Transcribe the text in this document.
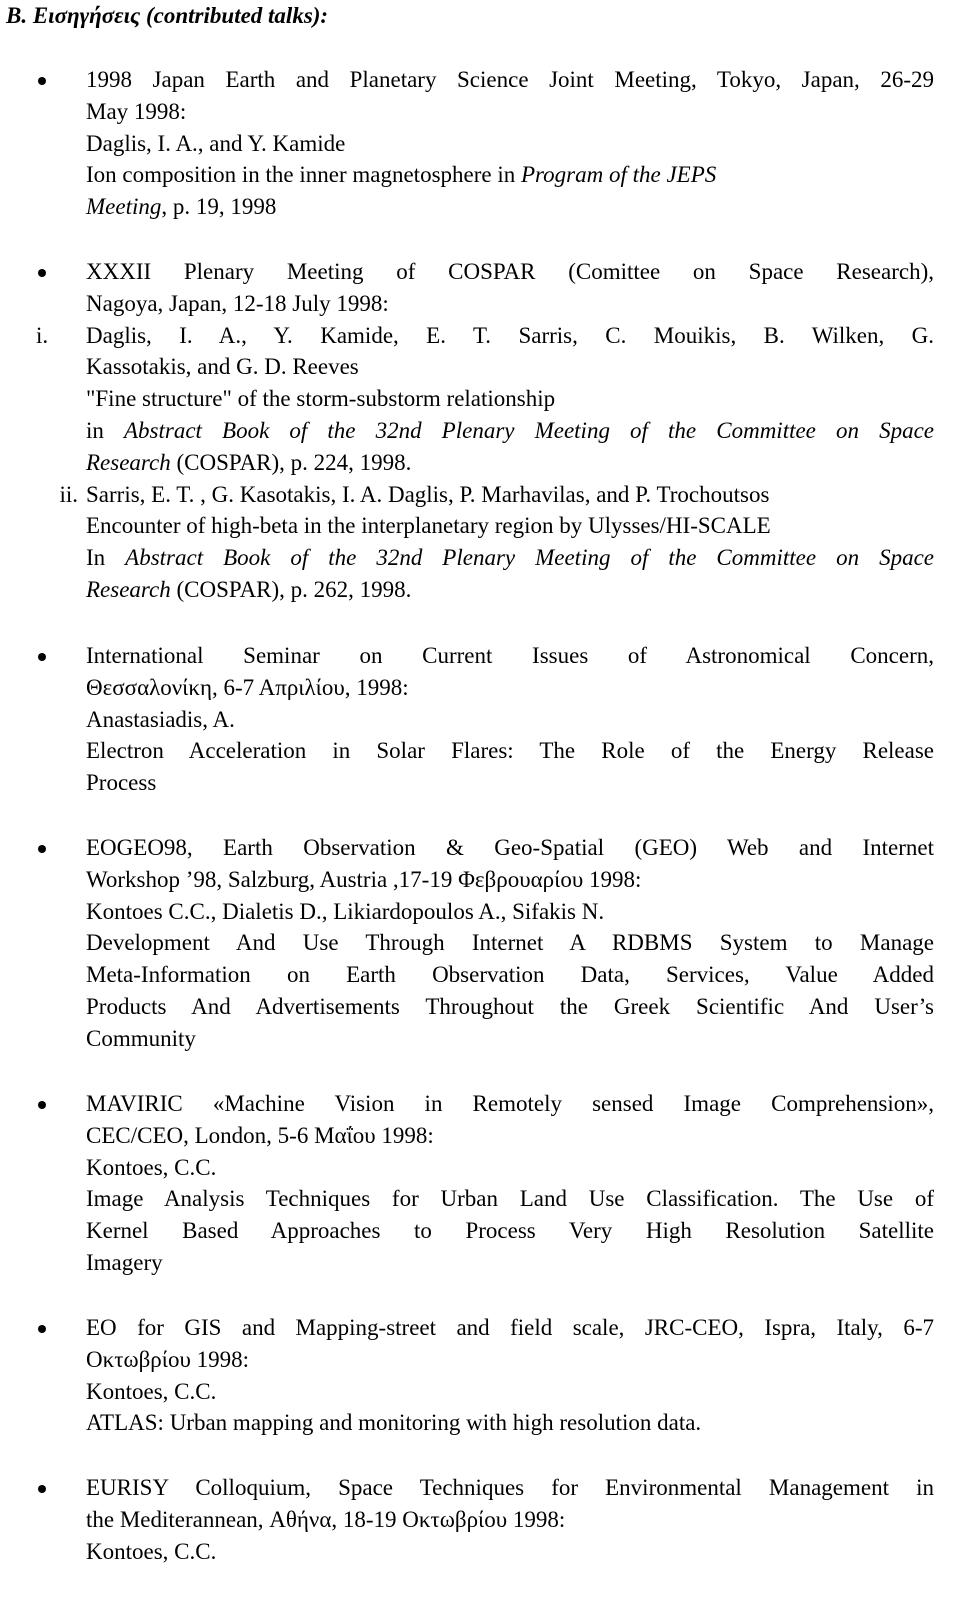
B. Εισηγήσεις (contributed talks):
1998 Japan Earth and Planetary Science Joint Meeting, Tokyo, Japan, 26-29
May 1998:
Daglis, I. A., and Y. Kamide
Ion composition in the inner magnetosphere in Program of the JEPS
Meeting, p. 19, 1998
XXXII Plenary Meeting of COSPAR (Comittee on Space Research),
Nagoya, Japan, 12-18 July 1998:
i.	Daglis, I. A., Y. Kamide, E. T. Sarris, C. Mouikis, B. Wilken, G.
Kassotakis, and G. D. Reeves
"Fine structure" of the storm-substorm relationship
in Abstract Book of the 32nd Plenary Meeting of the Committee on Space
Research (COSPAR), p. 224, 1998.
ii. Sarris, E. T. , G. Kasotakis, I. A. Daglis, P. Marhavilas, and P. Trochoutsos
Encounter of high-beta in the interplanetary region by Ulysses/HI-SCALE
In Abstract Book of the 32nd Plenary Meeting of the Committee on Space
Research (COSPAR), p. 262, 1998.
International Seminar on Current Issues of Astronomical Concern,
Θεσσαλονίκη, 6-7 Απριλίου, 1998:
Anastasiadis, A.
Electron Acceleration in Solar Flares: The Role of the Energy Release
Process
EOGEO98, Earth Observation & Geo-Spatial (GEO) Web and Internet
Workshop ’98, Salzburg, Austria ,17-19 Φεβρουαρίου 1998:
Kontoes C.C., Dialetis D., Likiardopoulos A., Sifakis N.
Development And Use Through Internet A RDBMS System to Manage
Meta-Information on Earth Observation Data, Services, Value Added
Products And Advertisements Throughout the Greek Scientific And User’s
Community
MAVIRIC «Machine Vision in Remotely sensed Image Comprehension»,
CEC/CEO, London, 5-6 Μαΐου 1998:
Kontoes, C.C.
Image Analysis Techniques for Urban Land Use Classification. The Use of
Kernel Based Approaches to Process Very High Resolution Satellite
Imagery
EO for GIS and Mapping-street and field scale, JRC-CEO, Ispra, Italy, 6-7
Οκτωβρίου 1998:
Kontoes, C.C.
ATLAS: Urban mapping and monitoring with high resolution data.
EURISY Colloquium, Space Techniques for Environmental Management in
the Mediterannean, Αθήνα, 18-19 Οκτωβρίου 1998:
Kontoes, C.C.
